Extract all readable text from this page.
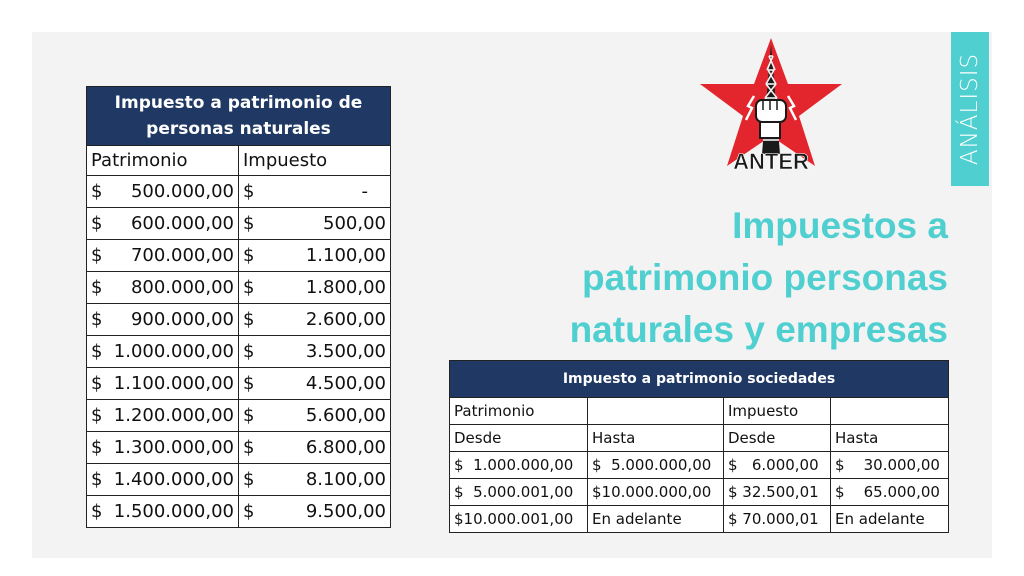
ANÁLISIS
ANTER
Impuestos a
patrimonio personas
naturales y empresas
Impuesto a patrimonio de
personas naturales	

Patrimonio	Impuesto

$ 500.000,00	$ -

$ 600.000,00	$ 500,00

$ 700.000,00	$ 1.100,00

$ 800.000,00	$ 1.800,00

$ 900.000,00	$ 2.600,00

$ 1.000.000,00	$ 3.500,00

$ 1.100.000,00	$ 4.500,00

$ 1.200.000,00	$ 5.600,00

$ 1.300.000,00	$ 6.800,00

$ 1.400.000,00	$ 8.100,00

$ 1.500.000,00	$ 9.500,00
Impuesto a patrimonio sociedades			
Patrimonio		Impuesto	
Desde	Hasta	Desde	Hasta
$  1.000.000,00	$  5.000.000,00	$   6.000,00	$    30.000,00
$  5.000.001,00	$10.000.000,00	$ 32.500,01	$    65.000,00
$10.000.001,00	En adelante	$ 70.000,01	En adelante
